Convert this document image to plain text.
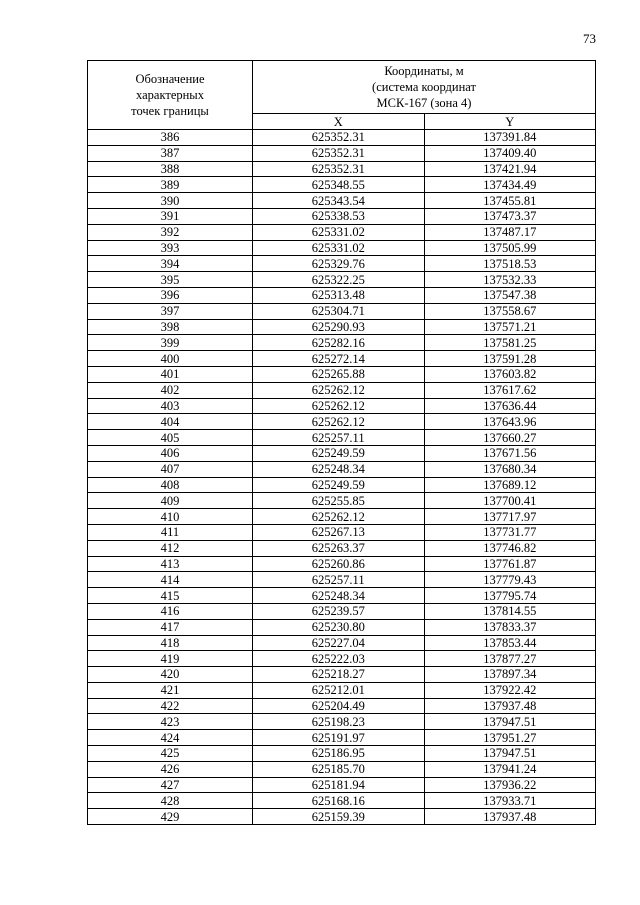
73
Обозначение
характерных
точек границы	Координаты, м
(система координат
МСК-167 (зона 4)	

	X	Y
386	625352.31	137391.84
387	625352.31	137409.40
388	625352.31	137421.94
389	625348.55	137434.49
390	625343.54	137455.81
391	625338.53	137473.37
392	625331.02	137487.17
393	625331.02	137505.99
394	625329.76	137518.53
395	625322.25	137532.33
396	625313.48	137547.38
397	625304.71	137558.67
398	625290.93	137571.21
399	625282.16	137581.25
400	625272.14	137591.28
401	625265.88	137603.82
402	625262.12	137617.62
403	625262.12	137636.44
404	625262.12	137643.96
405	625257.11	137660.27
406	625249.59	137671.56
407	625248.34	137680.34
408	625249.59	137689.12
409	625255.85	137700.41
410	625262.12	137717.97
411	625267.13	137731.77
412	625263.37	137746.82
413	625260.86	137761.87
414	625257.11	137779.43
415	625248.34	137795.74
416	625239.57	137814.55
417	625230.80	137833.37
418	625227.04	137853.44
419	625222.03	137877.27
420	625218.27	137897.34
421	625212.01	137922.42
422	625204.49	137937.48
423	625198.23	137947.51
424	625191.97	137951.27
425	625186.95	137947.51
426	625185.70	137941.24
427	625181.94	137936.22
428	625168.16	137933.71
429	625159.39	137937.48
